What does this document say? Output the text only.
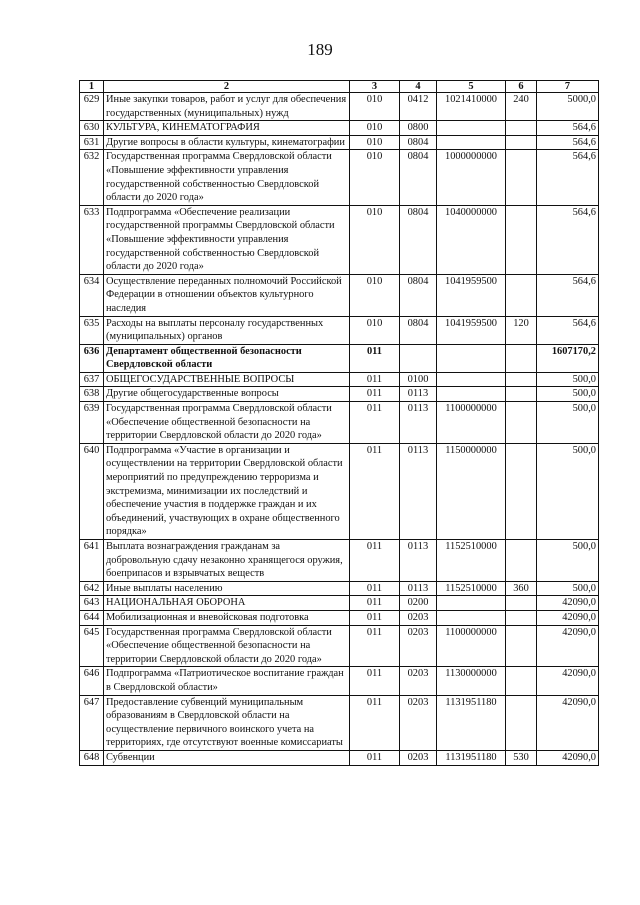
189
1	2	3	4	5	6	7
629	Иные закупки товаров, работ и услуг для обеспечения государственных (муниципальных) нужд	010	0412	1021410000	240	5000,0
630	КУЛЬТУРА, КИНЕМАТОГРАФИЯ	010	0800			564,6
631	Другие вопросы в области культуры, кинематографии	010	0804			564,6
632	Государственная программа Свердловской области «Повышение эффективности управления государственной собственностью Свердловской области до 2020 года»	010	0804	1000000000		564,6
633	Подпрограмма «Обеспечение реализации государственной программы Свердловской области «Повышение эффективности управления государственной собственностью Свердловской области до 2020 года»	010	0804	1040000000		564,6
634	Осуществление переданных полномочий Российской Федерации в отношении объектов культурного наследия	010	0804	1041959500		564,6
635	Расходы на выплаты персоналу государственных (муниципальных) органов	010	0804	1041959500	120	564,6
636	Департамент общественной безопасности Свердловской области	011				1607170,2
637	ОБЩЕГОСУДАРСТВЕННЫЕ ВОПРОСЫ	011	0100			500,0
638	Другие общегосударственные вопросы	011	0113			500,0
639	Государственная программа Свердловской области «Обеспечение общественной безопасности на территории Свердловской области до 2020 года»	011	0113	1100000000		500,0
640	Подпрограмма «Участие в организации и осуществлении на территории Свердловской области мероприятий по предупреждению терроризма и экстремизма, минимизации их последствий и обеспечение участия в поддержке граждан и их объединений, участвующих в охране общественного порядка»	011	0113	1150000000		500,0
641	Выплата вознаграждения гражданам за добровольную сдачу незаконно хранящегося оружия, боеприпасов и взрывчатых веществ	011	0113	1152510000		500,0
642	Иные выплаты населению	011	0113	1152510000	360	500,0
643	НАЦИОНАЛЬНАЯ ОБОРОНА	011	0200			42090,0
644	Мобилизационная и вневойсковая подготовка	011	0203			42090,0
645	Государственная программа Свердловской области «Обеспечение общественной безопасности на территории Свердловской области до 2020 года»	011	0203	1100000000		42090,0
646	Подпрограмма «Патриотическое воспитание граждан в Свердловской области»	011	0203	1130000000		42090,0
647	Предоставление субвенций муниципальным образованиям в Свердловской области на осуществление первичного воинского учета на территориях, где отсутствуют военные комиссариаты	011	0203	1131951180		42090,0
648	Субвенции	011	0203	1131951180	530	42090,0
